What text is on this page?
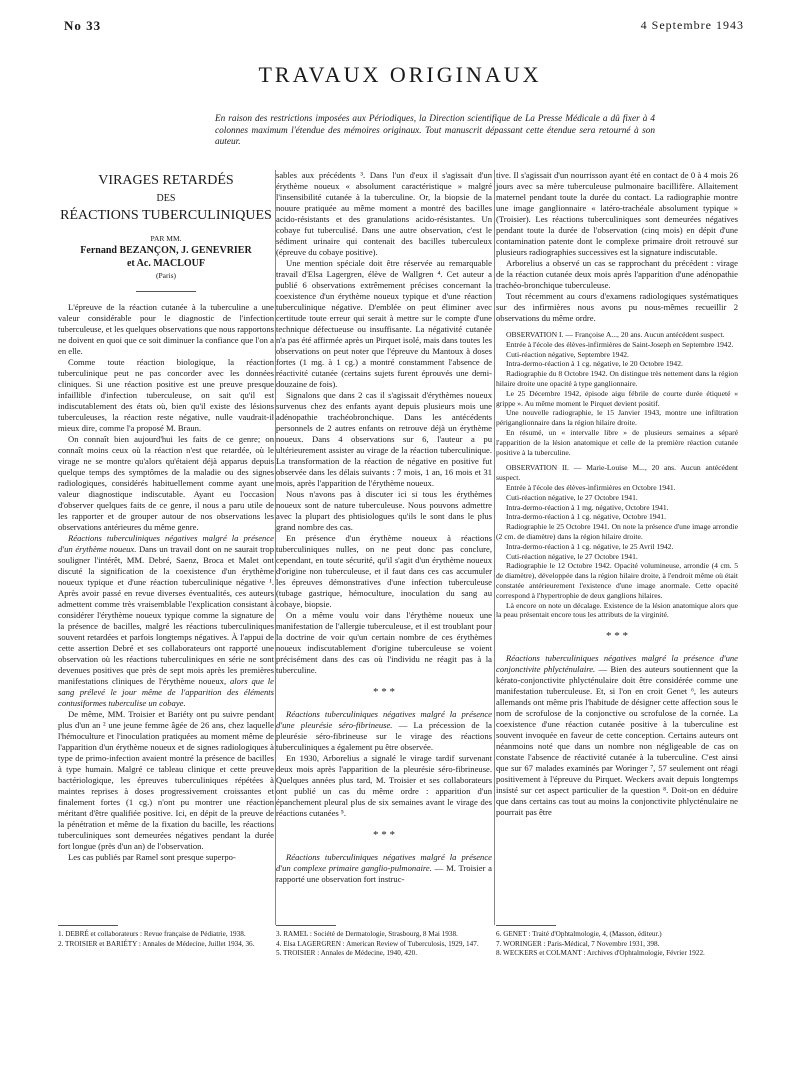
No 33	4 Septembre 1943
TRAVAUX ORIGINAUX
En raison des restrictions imposées aux Périodiques, la Direction scientifique de La Presse Médicale a dû fixer à 4 colonnes maximum l'étendue des mémoires originaux. Tout manuscrit dépassant cette étendue sera retourné à son auteur.
VIRAGES RETARDÉS
DES
RÉACTIONS TUBERCULINIQUES
PAR MM.
Fernand BEZANÇON, J. GENEVRIER
et Ac. MACLOUF
(Paris)

L'épreuve de la réaction cutanée à la tuberculine a une valeur considérable pour le diagnostic de l'infection tuberculeuse, et les quelques observations que nous rapportons ne doivent en quoi que ce soit diminuer la confiance que l'on a en elle.

Comme toute réaction biologique, la réaction tuberculinique peut ne pas concorder avec les données cliniques. Si une réaction positive est une preuve presque infaillible d'infection tuberculeuse, on sait qu'il est indiscutablement des états où, bien qu'il existe des lésions tuberculeuses, la réaction reste négative, nulle vaudrait-il mieux dire, comme l'a proposé M. Braun.

On connaît bien aujourd'hui les faits de ce genre; on connaît moins ceux où la réaction n'est que retardée, où le virage ne se montre qu'alors qu'étaient déjà apparus depuis quelque temps des symptômes de la maladie ou des signes radiologiques, considérés habituellement comme ayant une valeur diagnostique indiscutable. Ayant eu l'occasion d'observer quelques faits de ce genre, il nous a paru utile de les rapporter et de grouper autour de nos observations les observations antérieures du même genre.

Réactions tuberculiniques négatives malgré la présence d'un érythème noueux. Dans un travail dont on ne saurait trop souligner l'intérêt, MM. Debré, Saenz, Broca et Malet ont discuté la signification de la coexistence d'un érythème noueux typique et d'une réaction tuberculinique négative ¹. Après avoir passé en revue diverses éventualités, ces auteurs admettent comme très vraisemblable l'explication consistant à considérer l'érythème noueux typique comme la signature de la présence de bacilles, malgré les réactions tuberculiniques souvent retardées et parfois longtemps négatives. À l'appui de cette assertion Debré et ses collaborateurs ont rapporté une observation où les réactions tuberculiniques en série ne sont devenues positives que près de sept mois après les premières manifestations cliniques de l'érythème noueux, alors que le sang prélevé le jour même de l'apparition des éléments contusiformes tuberculise un cobaye.

De même, MM. Troisier et Bariéty ont pu suivre pendant plus d'un an ² une jeune femme âgée de 26 ans, chez laquelle l'hémoculture et l'inoculation pratiquées au moment même de l'apparition d'un érythème noueux et de signes radiologiques à type de primo-infection avaient montré la présence de bacilles à type humain. Malgré ce tableau clinique et cette preuve bactériologique, les épreuves tuberculiniques répétées à maintes reprises à doses progressivement croissantes et finalement fortes (1 cg.) n'ont pu montrer une réaction méritant d'être qualifiée positive. Ici, en dépit de la preuve de la pénétration et même de la fixation du bacille, les réactions tuberculiniques sont demeurées négatives pendant la durée fort longue (près d'un an) de l'observation.

Les cas publiés par Ramel sont presque superpo-

sables aux précédents ³. Dans l'un d'eux il s'agissait d'un érythème noueux « absolument caractéristique » malgré l'insensibilité cutanée à la tuberculine. Or, la biopsie de la nouure pratiquée au même moment a montré des bacilles acido-résistants et des granulations acido-résistantes. Un cobaye fut tuberculisé. Dans une autre observation, c'est le sédiment urinaire qui contenait des bacilles tuberculeux (épreuve du cobaye positive).

Une mention spéciale doit être réservée au remarquable travail d'Elsa Lagergren, élève de Wallgren ⁴. Cet auteur a publié 6 observations extrêmement précises concernant la coexistence d'un érythème noueux typique et d'une réaction tuberculinique négative. D'emblée on peut éliminer avec certitude toute erreur qui serait à mettre sur le compte d'une technique défectueuse ou insuffisante. La négativité cutanée n'a pas été affirmée après un Pirquet isolé, mais dans toutes les observations on peut noter que l'épreuve du Mantoux à doses fortes (1 mg. à 1 cg.) a montré constamment l'absence de réactivité cutanée (certains sujets furent éprouvés une demi-douzaine de fois).

Signalons que dans 2 cas il s'agissait d'érythèmes noueux survenus chez des enfants ayant depuis plusieurs mois une adénopathie trachéobronchique. Dans les antécédents personnels de 2 autres enfants on retrouve déjà un érythème noueux. Dans 4 observations sur 6, l'auteur a pu ultérieurement assister au virage de la réaction tuberculinique. La transformation de la réaction de négative en positive fut observée dans les délais suivants : 7 mois, 1 an, 16 mois et 31 mois, après l'apparition de l'érythème noueux.

Nous n'avons pas à discuter ici si tous les érythèmes noueux sont de nature tuberculeuse. Nous pouvons admettre avec la plupart des phtisiologues qu'ils le sont dans le plus grand nombre des cas.

En présence d'un érythème noueux à réactions tuberculiniques nulles, on ne peut donc pas conclure, cependant, en toute sécurité, qu'il s'agit d'un érythème noueux d'origine non tuberculeuse, et il faut dans ces cas accumuler les épreuves démonstratives d'une infection tuberculeuse (tubage gastrique, hémoculture, inoculation du sang au cobaye, biopsie.

On a même voulu voir dans l'érythème noueux une manifestation de l'allergie tuberculeuse, et il est troublant pour la doctrine de voir qu'un certain nombre de ces érythèmes noueux indiscutablement d'origine tuberculeuse se voient précisément dans des cas où l'individu ne réagit pas à la tuberculine.

* * *

Réactions tuberculiniques négatives malgré la présence d'une pleurésie séro-fibrineuse. — La précession de la pleurésie séro-fibrineuse sur le virage des réactions tuberculiniques a également pu être observée.

En 1930, Arborelius a signalé le virage tardif survenant deux mois après l'apparition de la pleurésie séro-fibrineuse. Quelques années plus tard, M. Troisier et ses collaborateurs ont publié un cas du même ordre : apparition d'un épanchement pleural plus de six semaines avant le virage des réactions cutanées ⁵.

* * *

Réactions tuberculiniques négatives malgré la présence d'un complexe primaire ganglio-pulmonaire. — M. Troisier a rapporté une observation fort instruc-

tive. Il s'agissait d'un nourrisson ayant été en contact de 0 à 4 mois 26 jours avec sa mère tuberculeuse pulmonaire bacillifère. Allaitement maternel pendant toute la durée du contact. La radiographie montre une image ganglionnaire « latéro-trachéale absolument typique » (Troisier). Les réactions tuberculiniques sont demeurées négatives pendant toute la durée de l'observation (cinq mois) en dépit d'une contamination patente dont le complexe primaire droit retrouvé sur plusieurs radiographies successives est la signature indiscutable.

Arborelius a observé un cas se rapprochant du précédent : virage de la réaction cutanée deux mois après l'apparition d'une adénopathie trachéo-bronchique tuberculeuse.

Tout récemment au cours d'examens radiologiques systématiques sur des infirmières nous avons pu nous-mêmes recueillir 2 observations du même ordre.

OBSERVATION I. — Françoise A..., 20 ans. Aucun antécédent suspect.

Entrée à l'école des élèves-infirmières de Saint-Joseph en Septembre 1942.

Cuti-réaction négative, Septembre 1942.

Intra-dermo-réaction à 1 cg. négative, le 20 Octobre 1942.

Radiographie du 8 Octobre 1942. On distingue très nettement dans la région hilaire droite une opacité à type ganglionnaire.

Le 25 Décembre 1942, épisode aigu fébrile de courte durée étiqueté « grippe ». Au même moment le Pirquet devient positif.

Une nouvelle radiographie, le 15 Janvier 1943, montre une infiltration périganglionnaire dans la région hilaire droite.

En résumé, un « intervalle libre » de plusieurs semaines a séparé l'apparition de la lésion anatomique et celle de la première réaction cutanée positive à la tuberculine.

OBSERVATION II. — Marie-Louise M..., 20 ans. Aucun antécédent suspect.

Entrée à l'école des élèves-infirmières en Octobre 1941.

Cuti-réaction négative, le 27 Octobre 1941.

Intra-dermo-réaction à 1 mg. négative, Octobre 1941.

Intra-dermo-réaction à 1 cg. négative, Octobre 1941.

Radiographie le 25 Octobre 1941. On note la présence d'une image arrondie (2 cm. de diamètre) dans la région hilaire droite.

Intra-dermo-réaction à 1 cg. négative, le 25 Avril 1942.

Cuti-réaction négative, le 27 Octobre 1941.

Radiographie le 12 Octobre 1942. Opacité volumineuse, arrondie (4 cm. 5 de diamètre), développée dans la région hilaire droite, à l'endroit même où était constatée antérieurement l'existence d'une image anormale. Cette opacité correspond à l'hypertrophie de deux ganglions hilaires.

Là encore on note un décalage. Existence de la lésion anatomique alors que la peau présentait encore tous les attributs de la virginité.

* * *

Réactions tuberculiniques négatives malgré la présence d'une conjonctivite phlycténulaire. — Bien des auteurs soutiennent que la kérato-conjonctivite phlycténulaire doit être considérée comme une manifestation tuberculeuse. Et, si l'on en croit Genet ⁶, les auteurs allemands ont même pris l'habitude de désigner cette affection sous le nom de scrofulose de la conjonctive ou scrofulose de la cornée. La coexistence d'une réaction cutanée positive à la tuberculine est souvent invoquée en faveur de cette conception. Certains auteurs ont néanmoins noté que dans un nombre non négligeable de cas on constate l'absence de réactivité cutanée à la tuberculine. C'est ainsi que sur 67 malades examinés par Woringer ⁷, 57 seulement ont réagi positivement à l'épreuve du Pirquet. Weckers avait depuis longtemps insisté sur cet aspect particulier de la question ⁸. Doit-on en déduire que dans certains cas tout au moins la conjonctivite phlycténulaire ne pourrait pas être

1. DEBRÉ et collaborateurs : Revue française de Pédiatrie, 1938.

2. TROISIER et BARIÉTY : Annales de Médecine, Juillet 1934, 36.

3. RAMEL : Société de Dermatologie, Strasbourg, 8 Mai 1938.

4. Elsa LAGERGREN : American Review of Tuberculosis, 1929, 147.

5. TROISIER : Annales de Médecine, 1940, 420.

6. GENET : Traité d'Ophtalmologie, 4, (Masson, éditeur.)

7. WORINGER : Paris-Médical, 7 Novembre 1931, 398.

8. WECKERS et COLMANT : Archives d'Ophtalmologie, Février 1922.
